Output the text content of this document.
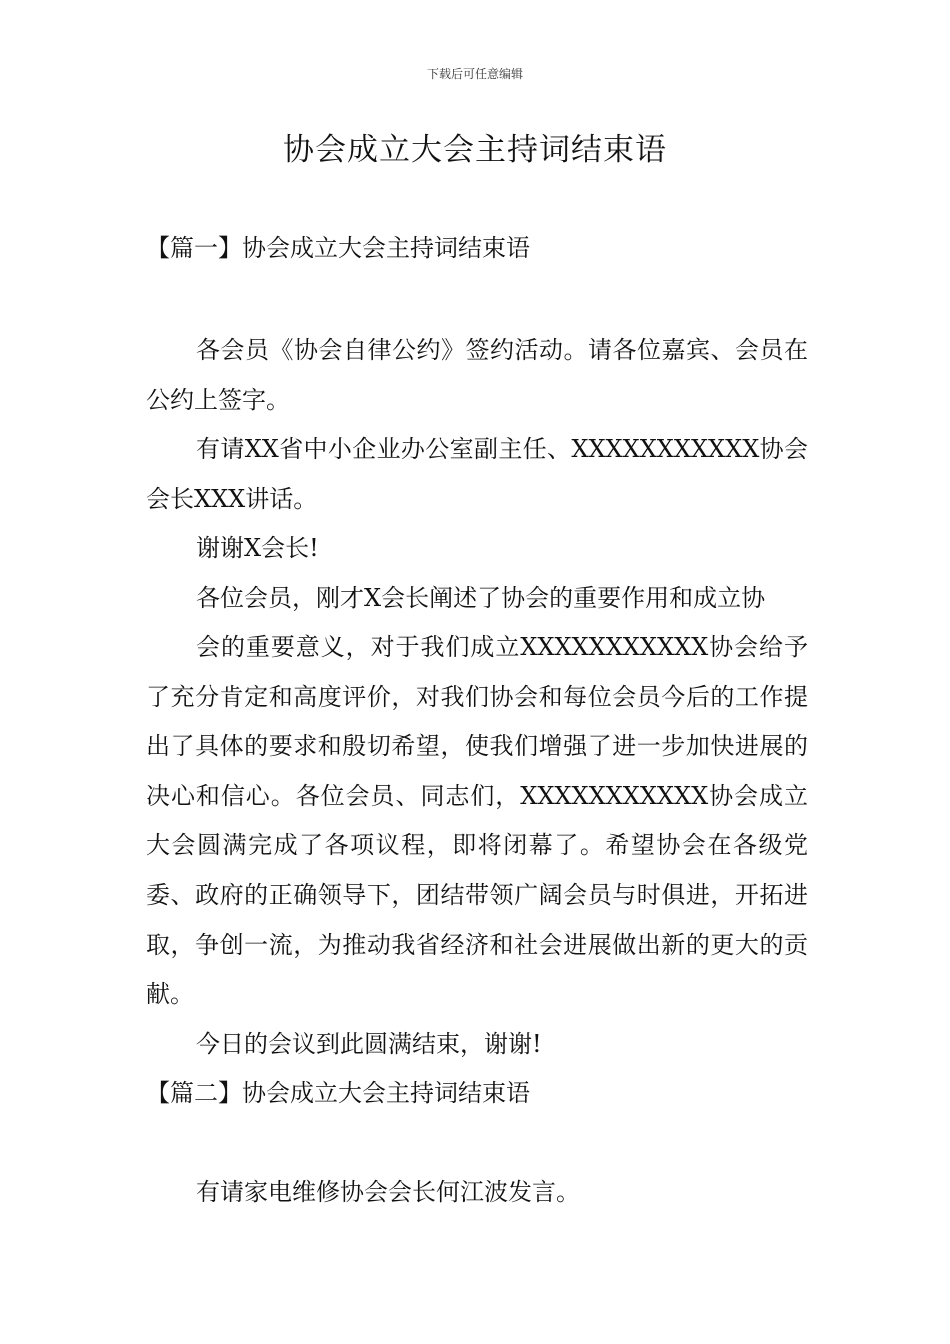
下载后可任意编辑
协会成立大会主持词结束语
【篇一】协会成立大会主持词结束语

各会员《协会自律公约》签约活动。请各位嘉宾、会员在公约上签字。

有请XX省中小企业办公室副主任、XXXXXXXXXXX协会会长XXX讲话。

谢谢X会长!

各位会员，刚才X会长阐述了协会的重要作用和成立协

会的重要意义，对于我们成立XXXXXXXXXXX协会给予了充分肯定和高度评价，对我们协会和每位会员今后的工作提出了具体的要求和殷切希望，使我们增强了进一步加快进展的决心和信心。各位会员、同志们，XXXXXXXXXXX协会成立大会圆满完成了各项议程，即将闭幕了。希望协会在各级党委、政府的正确领导下，团结带领广阔会员与时俱进，开拓进取，争创一流，为推动我省经济和社会进展做出新的更大的贡献。

今日的会议到此圆满结束，谢谢!

【篇二】协会成立大会主持词结束语

有请家电维修协会会长何江波发言。
